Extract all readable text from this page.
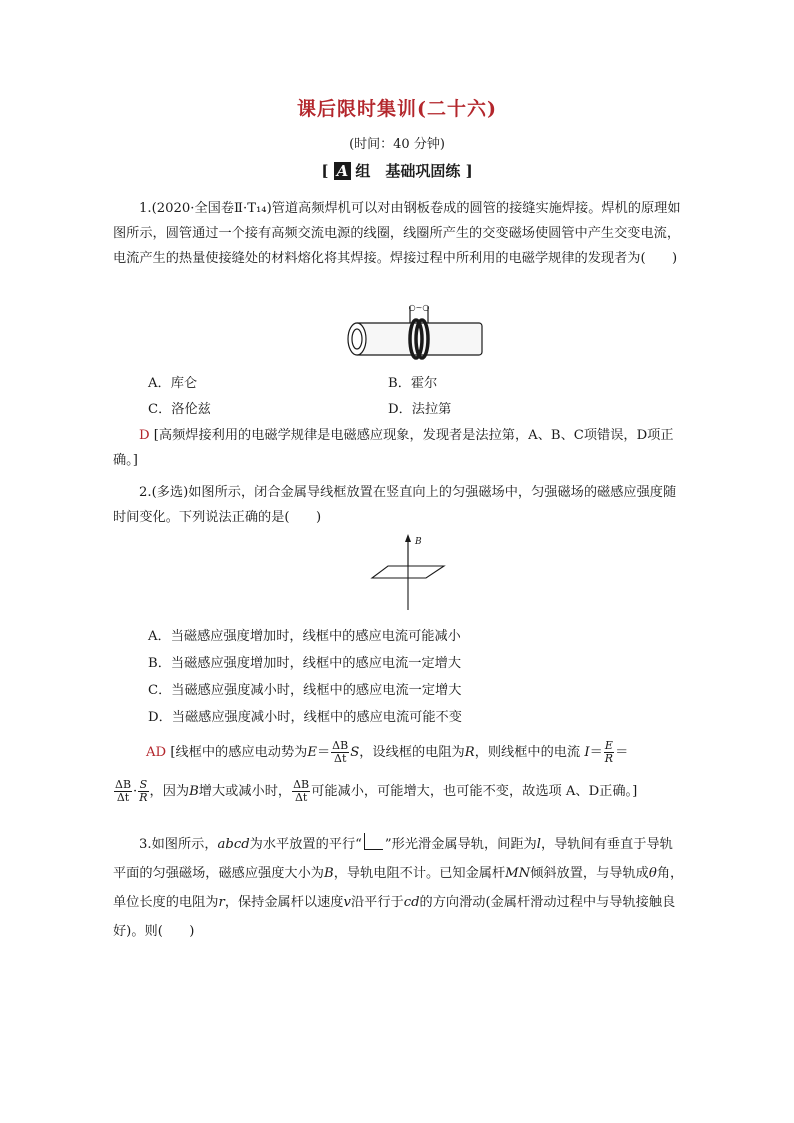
课后限时集训(二十六)
(时间：40 分钟)
[ A 组　基础巩固练 ]
1.(2020·全国卷Ⅱ·T₁₄)管道高频焊机可以对由钢板卷成的圆管的接缝实施焊接。焊机的原理如图所示，圆管通过一个接有高频交流电源的线圈，线圈所产生的交变磁场使圆管中产生交变电流，电流产生的热量使接缝处的材料熔化将其焊接。焊接过程中所利用的电磁学规律的发现者为(　　)
○~○
A．库仑	B．霍尔
C．洛伦兹	D．法拉第
D [高频焊接利用的电磁学规律是电磁感应现象，发现者是法拉第，A、B、C项错误，D项正确。]
2.(多选)如图所示，闭合金属导线框放置在竖直向上的匀强磁场中，匀强磁场的磁感应强度随时间变化。下列说法正确的是(　　)
B
A．当磁感应强度增加时，线框中的感应电流可能减小
B．当磁感应强度增加时，线框中的感应电流一定增大
C．当磁感应强度减小时，线框中的感应电流一定增大
D．当磁感应强度减小时，线框中的感应电流可能不变
AD [线框中的感应电动势为$E= \frac{\Delta B}{\Delta t}$ S，设线框的电阻为R，则线框中的电流 $I= \frac{E}{R}$ ＝
$\frac{\Delta B}{\Delta t} \cdot \frac{S}{R}$ ，因为B增大或减小时， $\frac{\Delta B}{\Delta t}$ 可能减小，可能增大，也可能不变，故选项 A、D正确。]
3.如图所示，abcd为水平放置的平行“ ”形光滑金属导轨，间距为l，导轨间有垂直于导轨平面的匀强磁场，磁感应强度大小为B，导轨电阻不计。已知金属杆MN倾斜放置，与导轨成θ角，单位长度的电阻为r，保持金属杆以速度v沿平行于cd的方向滑动(金属杆滑动过程中与导轨接触良好)。则(　　)
